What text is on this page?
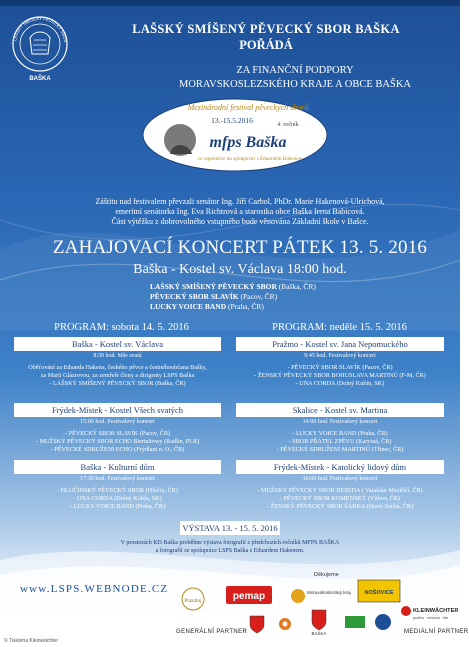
LAŠSKÝ SMÍŠENÝ PĚVECKÝ SBOR
BAŠKA
LAŠSKÝ SMÍŠENÝ PĚVECKÝ SBOR BAŠKA
POŘÁDÁ
ZA FINANČNÍ PODPORY
MORAVSKOSLEZSKÉHO KRAJE A OBCE BAŠKA
Mezinárodní festival pěveckých sborů
13.-15.5.2016	4. ročník
mfps Baška
ve vzpomínce na spolupráci s Eduardem Hakenem
Záštitu nad festivalem převzali senátor Ing. Jiří Carbol, PhDr. Marie Hakenová-Ulrichová,
emeritní senátorka Ing. Eva Richtrová a starostka obce Baška Irena Babicová.
Část výtěžku z dobrovolného vstupného bude věnována Základní škole v Bašce.
ZAHAJOVACÍ KONCERT PÁTEK 13. 5. 2016
Baška - Kostel sv. Václava 18:00 hod.
LAŠSKÝ SMÍŠENÝ PĚVECKÝ SBOR (Baška, ČR)
PĚVECKÝ SBOR SLAVÍK (Pacov, ČR)
LUCKY VOICE BAND (Praha, ČR)
PROGRAM: sobota 14. 5. 2016	PROGRAM: neděle 15. 5. 2016
Baška - Kostel sv. Václava
8:30 hod. Mše svatá
Oběťování za Eduarda Hakena, českého pěvce a čestnéhoobčana Bašky,
za Marii Glázrovou, za zemřelé členy a dirigenty LSPS Baška
- LAŠSKÝ SMÍŠENÝ PĚVECKÝ SBOR (Baška, ČR)
Frýdek-Místek - Kostel Všech svatých
15:00 hod. Festivalový koncert
- PĚVECKÝ SBOR SLAVÍK (Pacov, ČR)
- MUŽSKÝ PĚVECKÝ SBOR ECHO Biertaltowy (Radlin, PLR)
- PĚVECKÉ SDRUŽENÍ ECHO (Frýdlant n. O., ČR)
Baška - Kulturní dům
17:30 hod. Festivalový koncert
- HLUČÍNSKÝ PĚVECKÝ SBOR (Hlučín, ČR)
- UNA CORDA (Dolný Kubín, SK)
- LUCKY VOICE BAND (Praha, ČR)
Pražmo - Kostel sv. Jana Nepomuckého
9:45 hod. Festivalový koncert
- PĚVECKÝ SBOR SLAVÍK (Pacov, ČR)
- ŽENSKÝ PĚVECKÝ SBOR BOHUSLAVA MARTINŮ (F-M, ČR)
- UNA CORDA (Dolný Kubín, SK)
Skalice - Kostel sv. Martina
14:00 hod. Festivalový koncert
- LUCKY VOICE BAND (Praha, ČR)
- SBOR PŘÁTEL ZPĚVU (Karviná, ČR)
- PĚVECKÉ SDRUŽENÍ MARTINŮ (Třinec, ČR)
Frýdek-Místek - Katolický lidový dům
16:00 hod. Festivalový koncert
- MUŽSKÝ PĚVECKÝ SBOR BESEDA ( Valašské Meziříčí, ČR)
- PĚVECKÝ SBOR KOMENSKÝ (Vítkov, ČR)
- ŽENSKÝ PĚVECKÝ SBOR ŠÁRKA (Horní Suchá, ČR)
VÝSTAVA 13. - 15. 5. 2016
V prostorách KD Baška proběhne výstava fotografií z předchozích ročníků MFPS BAŠKA
a fotografií ze spolupráce LSPS Baška s Eduardem Hakenem.
www.LSPS.WEBNODE.CZ
Děkujeme
Prazdroj	pemap	Moravskoslezský kraj	NOŠOVICE
BAŠKA
KLEINWÄCHTER
grafika · reklama · tisk
GENERÁLNÍ PARTNER	MEDIÁLNÍ PARTNER
© Tiskárna Kleinwächter
